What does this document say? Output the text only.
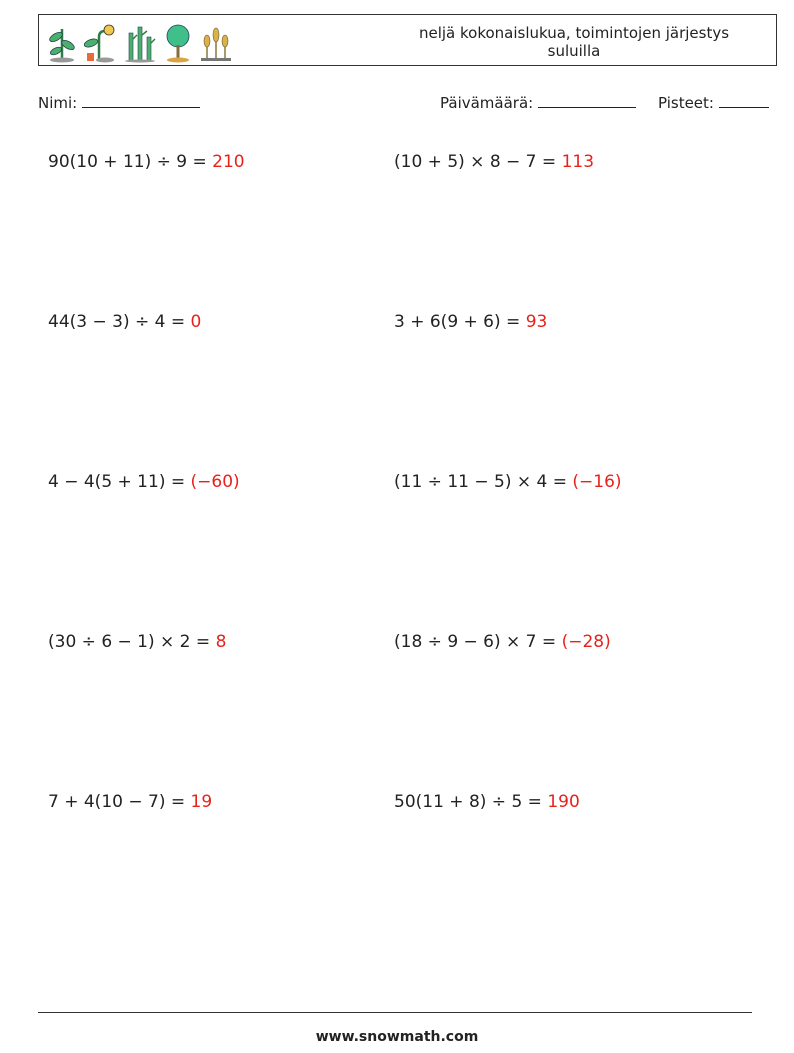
neljä kokonaislukua, toimintojen järjestys suluilla
Nimi:	Päivämäärä:	Pisteet:
90(10 + 11) ÷ 9 = 210	(10 + 5) × 8 − 7 = 113
44(3 − 3) ÷ 4 = 0	3 + 6(9 + 6) = 93
4 − 4(5 + 11) = (−60)	(11 ÷ 11 − 5) × 4 = (−16)
(30 ÷ 6 − 1) × 2 = 8	(18 ÷ 9 − 6) × 7 = (−28)
7 + 4(10 − 7) = 19	50(11 + 8) ÷ 5 = 190
www.snowmath.com
